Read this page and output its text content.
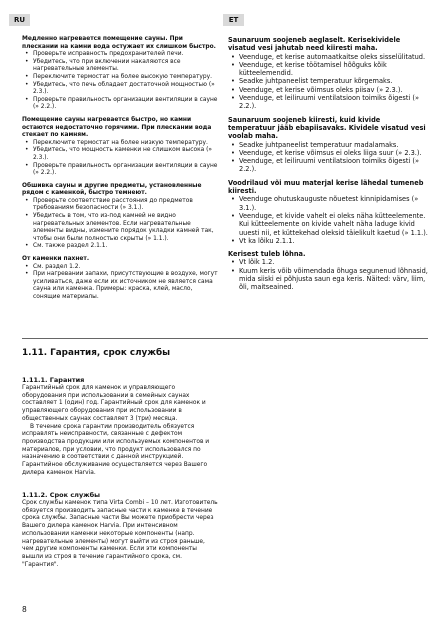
RU	ET
Медленно нагревается помещение сауны. При плескании на камни вода остужает их слишком быстро.
• Проверьте исправность предохранителей печи.
• Убедитесь, что при включении накаляются все нагревательные элементы.
• Переключите термостат на более высокую температуру.
• Убедитесь, что печь обладает достаточной мощностью (» 2.3.).
• Проверьте правильность организации вентиляции в сауне (» 2.2.).
Помещение сауны нагревается быстро, но камни остаются недостаточно горячими. При плескании вода стекает по камням.
• Переключите термостат на более низкую температуру.
• Убедитесь, что мощность каменки не слишком высока (» 2.3.).
• Проверьте правильность организации вентиляции в сауне (» 2.2.).
Обшивка сауны и другие предметы, установленные рядом с каменкой, быстро темнеют.
• Проверьте соответствие расстояния до предметов требованиям безопасности (» 3.1.).
• Убедитесь в том, что из-под камней не видно нагревательных элементов. Если нагревательные элементы видны, измените порядок укладки камней так, чтобы они были полностью скрыты (» 1.1.).
• См. также раздел 2.1.1.
От каменки пахнет.
• См. раздел 1.2.
• При нагревании запахи, присутствующие в воздухе, могут усиливаться, даже если их источником не является сама сауна или каменка. Примеры: краска, клей, масло, сонящие материалы.
Saunaruum soojeneb aeglaselt. Kerisekividele visatud vesi jahutab need kiiresti maha.
• Veenduge, et kerise automaatkaitse oleks sisselülitatud.
• Veenduge, et kerise töötamisel hõõguks kõik kütteelemendid.
• Seadke juhtpaneelist temperatuur kõrgemaks.
• Veenduge, et kerise võimsus oleks piisav (» 2.3.).
• Veenduge, et leiliruumi ventilatsioon toimiks õigesti (» 2.2.).
Saunaruum soojeneb kiiresti, kuid kivide temperatuur jääb ebapiisavaks. Kividele visatud vesi voolab maha.
• Seadke juhtpaneelist temperatuur madalamaks.
• Veenduge, et kerise võimsus ei oleks liiga suur (» 2.3.).
• Veenduge, et leiliruumi ventilatsioon toimiks õigesti (» 2.2.).
Voodrilaud või muu materjal kerise lähedal tumeneb kiiresti.
• Veenduge ohutuskauguste nõuetest kinnipidamises (» 3.1.).
• Veenduge, et kivide vahelt ei oleks näha kütteelemente. Kui kütteelemente on kivide vahelt näha laduge kivid uuesti nii, et küttekehad oleksid täielikult kaetud (» 1.1.).
• Vt ka lõiku 2.1.1.
Kerisest tuleb lõhna.
• Vt lõik 1.2.
• Kuum keris võib võimendada õhuga segunenud lõhnasid, mida siiski ei põhjusta saun ega keris. Näited: värv, liim, õli, maitseained.
1.11. Гарантия, срок службы
1.11.1. Гарантия

Гарантийный срок для каменок и управляющего оборудования при использовании в семейных саунах составляет 1 (один) год. Гарантийный срок для каменок и управляющего оборудования при использовании в общественных саунах составляет 3 (три) месяца.

В течение срока гарантии производитель обязуется исправлять неисправности, связанные с дефектом производства продукции или используемых компонентов и материалов, при условии, что продукт использовался по назначению в соответствии с данной инструкцией. Гарантийное обслуживание осуществляется через Вашего дилера каменок Harvia.

1.11.2. Срок службы

Срок службы каменок типа Virta Combi – 10 лет. Изготовитель обязуется производить запасные части к каменке в течение срока службы. Запасные части Вы можете приобрести через Вашего дилера каменок Harvia. При интенсивном использовании каменки некоторые компоненты (напр. нагревательные элементы) могут выйти из строя раньше, чем другие компоненты каменки. Если эти компоненты вышли из строя в течение гарантийного срока, см. "Гарантия".

8
